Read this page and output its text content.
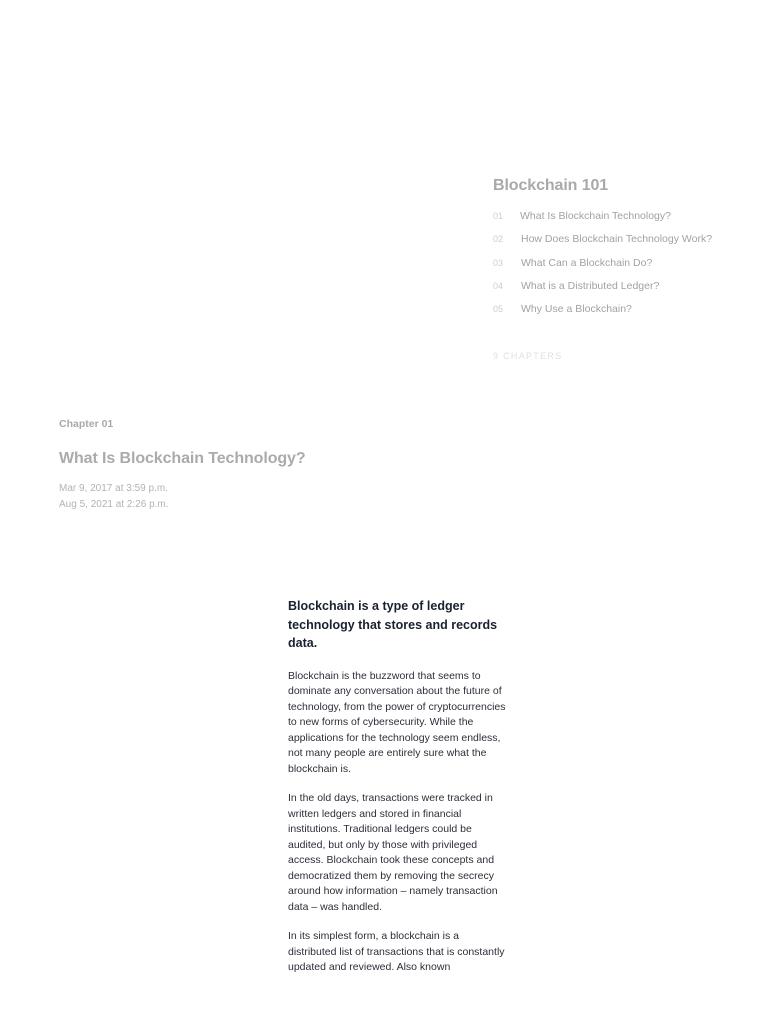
Blockchain 101
01	What Is Blockchain Technology?
02	How Does Blockchain Technology Work?
03	What Can a Blockchain Do?
04	What is a Distributed Ledger?
05	Why Use a Blockchain?
9 CHAPTERS

Chapter 01

What Is Blockchain Technology?
Mar 9, 2017 at 3:59 p.m.
Aug 5, 2021 at 2:26 p.m.

Blockchain is a type of ledger technology that stores and records data.

Blockchain is the buzzword that seems to dominate any conversation about the future of technology, from the power of cryptocurrencies to new forms of cybersecurity. While the applications for the technology seem endless, not many people are entirely sure what the blockchain is.

In the old days, transactions were tracked in written ledgers and stored in financial institutions. Traditional ledgers could be audited, but only by those with privileged access. Blockchain took these concepts and democratized them by removing the secrecy around how information – namely transaction data – was handled.

In its simplest form, a blockchain is a distributed list of transactions that is constantly updated and reviewed. Also known
